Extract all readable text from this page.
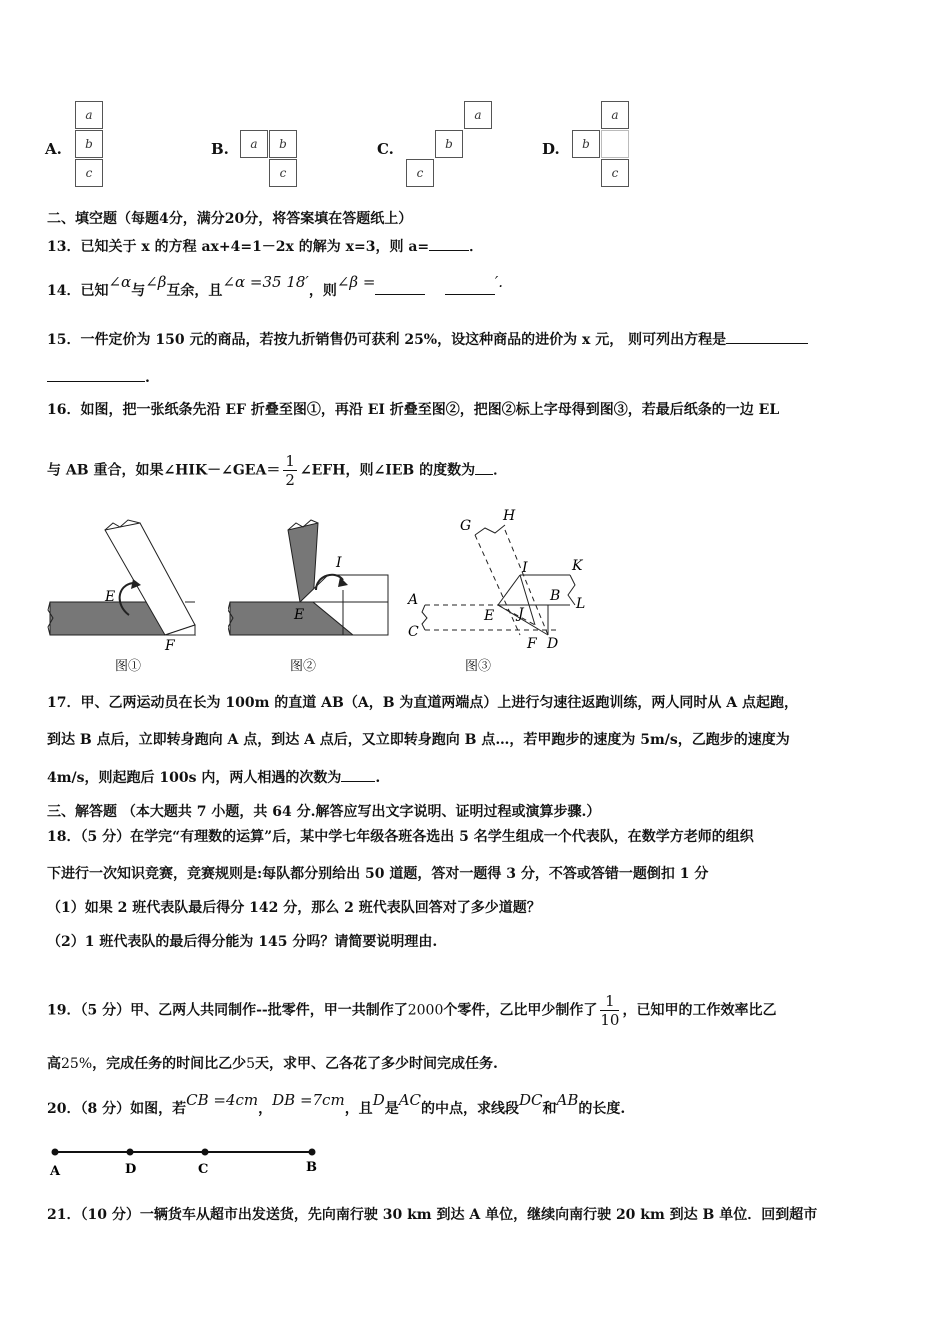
A.
a
b
c
B.	a	b
c
C.
a
b
c
D.
a
b
c
二、填空题（每题4分，满分20分，将答案填在答题纸上）
13．已知关于 x 的方程 ax+4=1－2x 的解为 x=3，则 a=	．
14．已知∠α与∠β互余，且∠α =35 18′，则∠β =	′.
15．一件定价为 150 元的商品，若按九折销售仍可获利 25%，设这种商品的进价为 x 元， 则可列出方程是
.
16．如图，把一张纸条先沿 EF 折叠至图①，再沿 EI 折叠至图②，把图②标上字母得到图③，若最后纸条的一边 EL
与 AB 重合，如果∠HIK－∠GEA＝ $\frac{1}{2}$ ∠EFH，则∠IEB 的度数为 ．
E
F
图①
E
I
图②
G
H
I	K
A	B L
E J
C
F D
图③
17．甲、乙两运动员在长为 100m 的直道 AB（A，B 为直道两端点）上进行匀速往返跑训练，两人同时从 A 点起跑，
到达 B 点后，立即转身跑向 A 点，到达 A 点后，又立即转身跑向 B 点…，若甲跑步的速度为 5m/s，乙跑步的速度为
4m/s，则起跑后 100s 内，两人相遇的次数为 .
三、解答题 （本大题共 7 小题，共 64 分.解答应写出文字说明、证明过程或演算步骤.）
18．（5 分）在学完“有理数的运算”后，某中学七年级各班各选出 5 名学生组成一个代表队，在数学方老师的组织
下进行一次知识竞赛，竞赛规则是:每队都分别给出 50 道题，答对一题得 3 分，不答或答错一题倒扣 1 分
（1）如果 2 班代表队最后得分 142 分，那么 2 班代表队回答对了多少道题？
（2）1 班代表队的最后得分能为 145 分吗？请简要说明理由.
19．（5 分）甲、乙两人共同制作--批零件，甲一共制作了2000个零件，乙比甲少制作了 $\frac{1}{10}$ ，已知甲的工作效率比乙
高25%，完成任务的时间比乙少5天，求甲、乙各花了多少时间完成任务.
20．（8 分）如图，若CB =4cm，DB =7cm，且D是AC的中点，求线段DC和AB的长度.
A	D	C	B
21．（10 分）一辆货车从超市出发送货，先向南行驶 30 km 到达 A 单位，继续向南行驶 20 km 到达 B 单位．回到超市
